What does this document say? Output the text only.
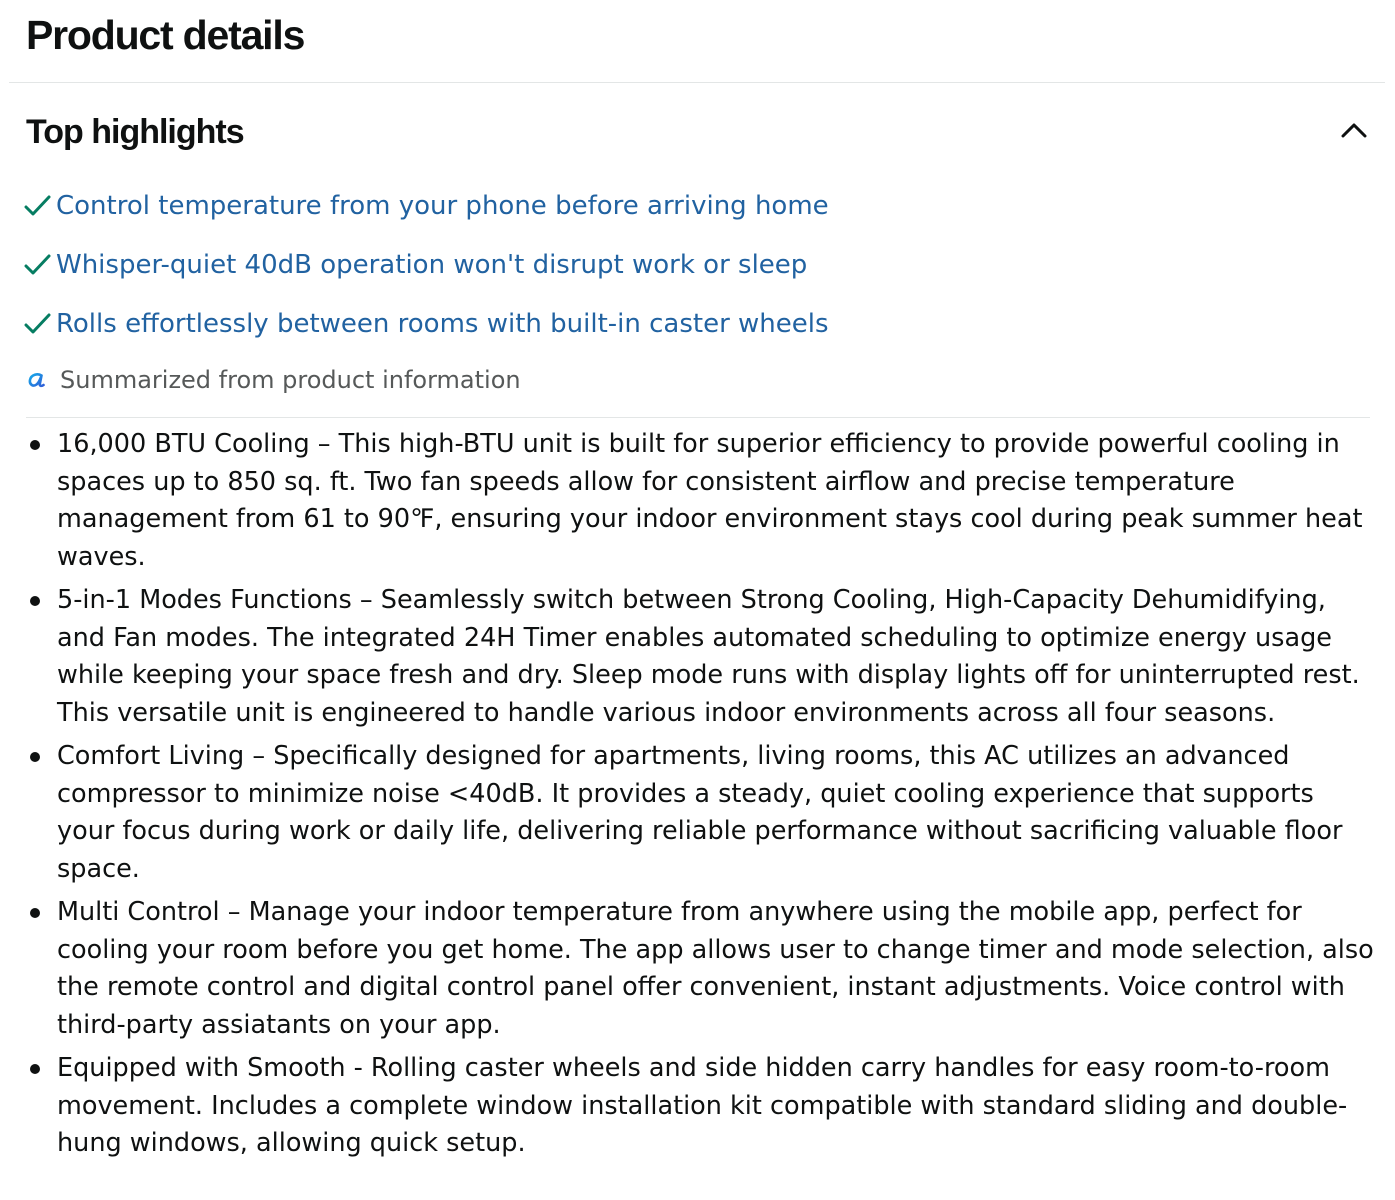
Product details
Top highlights
Control temperature from your phone before arriving home
Whisper-quiet 40dB operation won't disrupt work or sleep
Rolls effortlessly between rooms with built-in caster wheels
Summarized from product information
16,000 BTU Cooling – This high-BTU unit is built for superior efficiency to provide powerful cooling in spaces up to 850 sq. ft. Two fan speeds allow for consistent airflow and precise temperature management from 61 to 90℉, ensuring your indoor environment stays cool during peak summer heat waves.
5-in-1 Modes Functions – Seamlessly switch between Strong Cooling, High-Capacity Dehumidifying, and Fan modes. The integrated 24H Timer enables automated scheduling to optimize energy usage while keeping your space fresh and dry. Sleep mode runs with display lights off for uninterrupted rest. This versatile unit is engineered to handle various indoor environments across all four seasons.
Comfort Living – Specifically designed for apartments, living rooms, this AC utilizes an advanced compressor to minimize noise <40dB. It provides a steady, quiet cooling experience that supports your focus during work or daily life, delivering reliable performance without sacrificing valuable floor space.
Multi Control – Manage your indoor temperature from anywhere using the mobile app, perfect for cooling your room before you get home. The app allows user to change timer and mode selection, also the remote control and digital control panel offer convenient, instant adjustments. Voice control with third-party assiatants on your app.
Equipped with Smooth - Rolling caster wheels and side hidden carry handles for easy room-to-room movement. Includes a complete window installation kit compatible with standard sliding and double-hung windows, allowing quick setup.
